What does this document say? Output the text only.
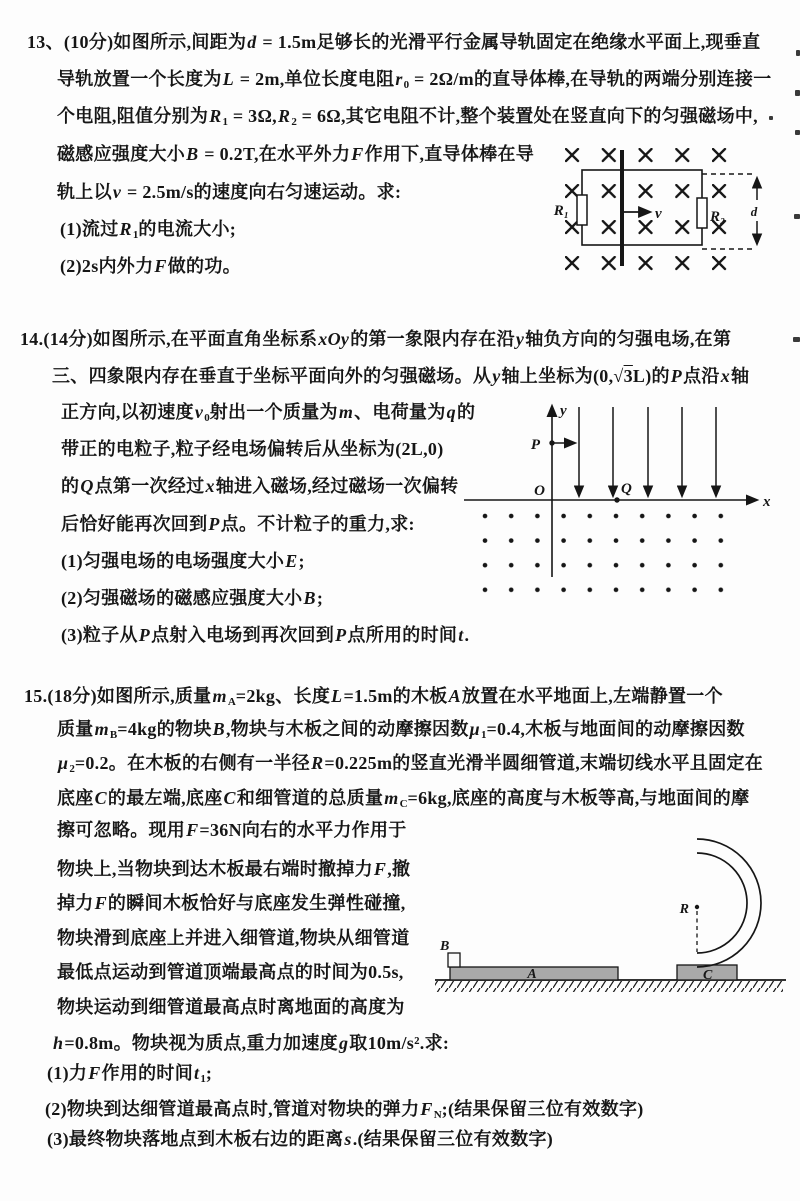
13、(10分)如图所示,间距为d = 1.5m足够长的光滑平行金属导轨固定在绝缘水平面上,现垂直
导轨放置一个长度为L = 2m,单位长度电阻$r_0 = 2\Omega/m$的直导体棒,在导轨的两端分别连接一
个电阻,阻值分别为$R_1 = 3\Omega,R_2 = 6\Omega$,其它电阻不计,整个装置处在竖直向下的匀强磁场中,
磁感应强度大小B = 0.2T,在水平外力F作用下,直导体棒在导
轨上以v = 2.5m/s的速度向右匀速运动。求:
(1)流过$R_1$的电流大小;
(2)2s内外力F做的功。
v
R₁	R₂ d
14.(14分)如图所示,在平面直角坐标系xOy的第一象限内存在沿y轴负方向的匀强电场,在第
三、四象限内存在垂直于坐标平面向外的匀强磁场。从y轴上坐标为(0,√3L)的P点沿x轴
正方向,以初速度$v_0$射出一个质量为m、电荷量为q的
带正的电粒子,粒子经电场偏转后从坐标为(2L,0)
的Q点第一次经过x轴进入磁场,经过磁场一次偏转
后恰好能再次回到P点。不计粒子的重力,求:
(1)匀强电场的电场强度大小E;
(2)匀强磁场的磁感应强度大小B;
(3)粒子从P点射入电场到再次回到P点所用的时间t.
y
x
O
P
Q
15.(18分)如图所示,质量$m_A=2kg$、长度L=1.5m的木板A放置在水平地面上,左端静置一个
质量$m_B=4kg$的物块B,物块与木板之间的动摩擦因数$\mu_1=0.4$,木板与地面间的动摩擦因数
$\mu_2=0.2$。在木板的右侧有一半径R=0.225m的竖直光滑半圆细管道,末端切线水平且固定在
底座C的最左端,底座C和细管道的总质量$m_C=6kg$,底座的高度与木板等高,与地面间的摩
擦可忽略。现用F=36N向右的水平力作用于
物块上,当物块到达木板最右端时撤掉力F,撤
掉力F的瞬间木板恰好与底座发生弹性碰撞,
物块滑到底座上并进入细管道,物块从细管道
最低点运动到管道顶端最高点的时间为0.5s,
物块运动到细管道最高点时离地面的高度为
h=0.8m。物块视为质点,重力加速度g取10m/s².求:
(1)力F作用的时间$t_1$;
(2)物块到达细管道最高点时,管道对物块的弹力$F_N$;(结果保留三位有效数字)
(3)最终物块落地点到木板右边的距离s.(结果保留三位有效数字)
A
B
C
R
